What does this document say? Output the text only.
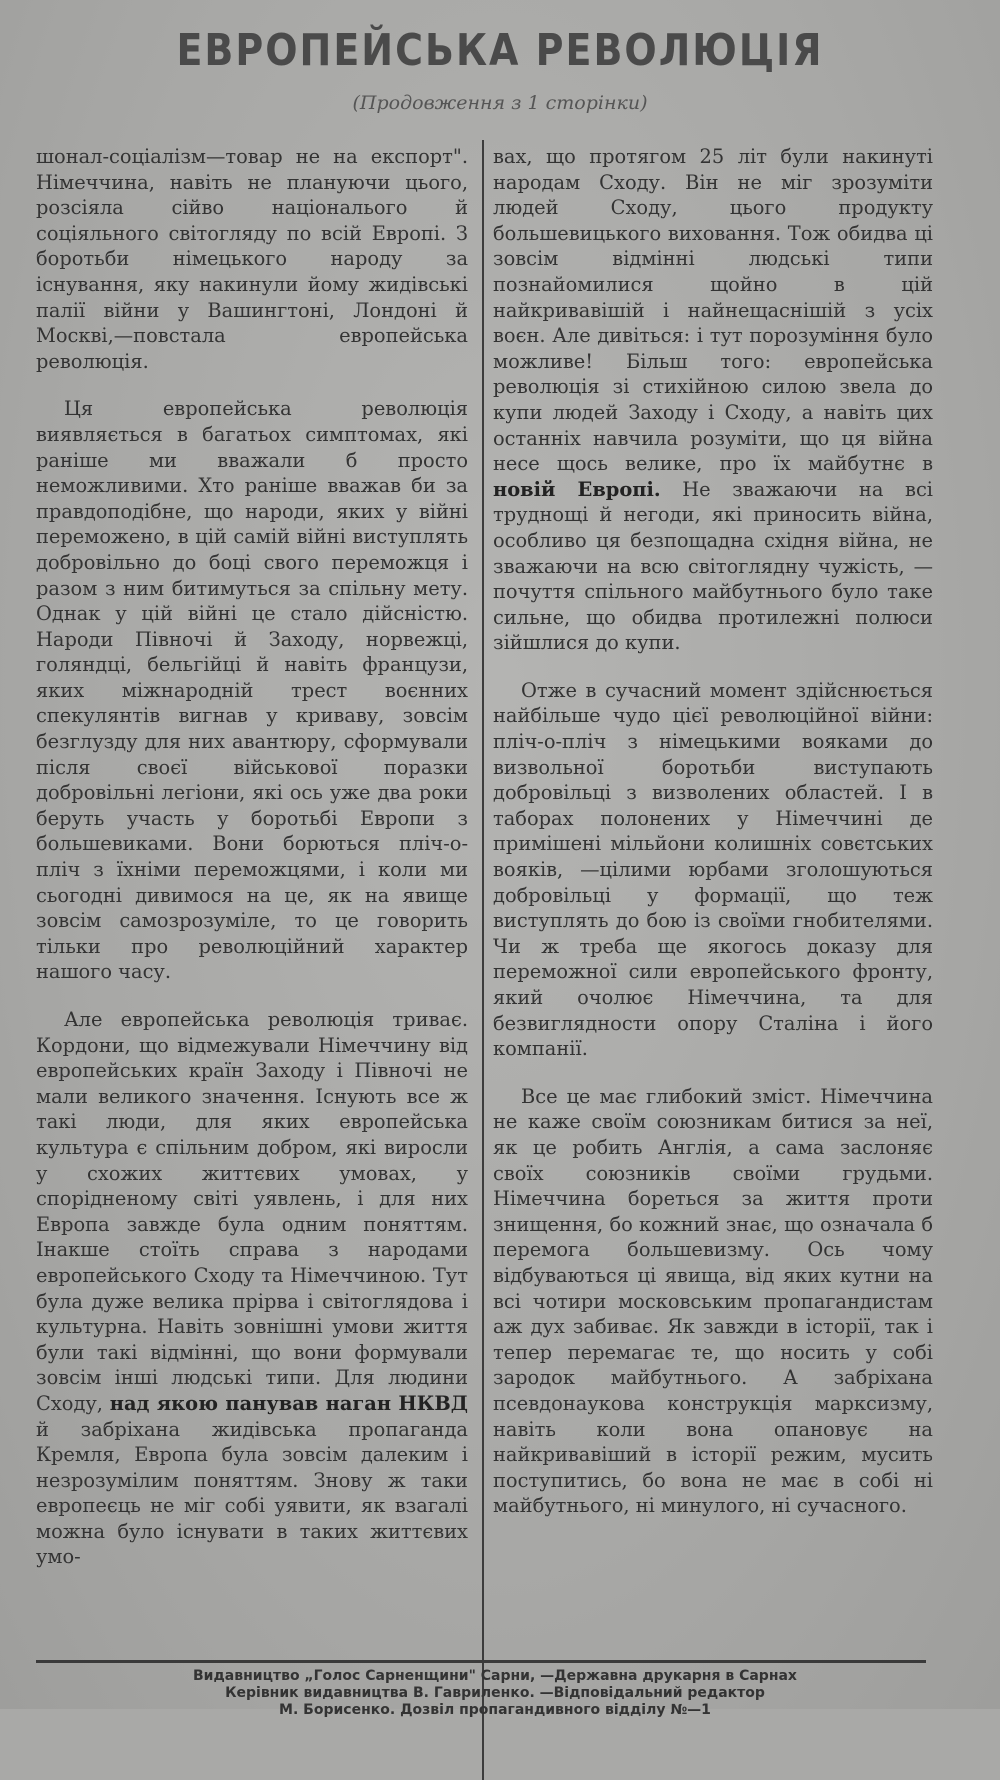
ЕВРОПЕЙСЬКА РЕВОЛЮЦІЯ
(Продовження з 1 сторінки)

шонал-соціалізм—товар не на експорт". Німеччина, навіть не плануючи цього, розсіяла сійво національого й соціяльного світогляду по всій Европі. З боротьби німецького народу за існування, яку накинули йому жидівські палії війни у Вашингтоні, Лондоні й Москві,—повстала европейська революція.

Ця европейська революція виявляється в багатьох симптомах, які раніше ми вважали б просто неможливими. Хто раніше вважав би за правдоподібне, що народи, яких у війні переможено, в цій самій війні виступлять добровільно до боці свого переможця і разом з ним битимуться за спільну мету. Однак у цій війні це стало дійсністю. Народи Півночі й Заходу, норвежці, голяндці, бельгійці й навіть французи, яких міжнародній трест воєнних спекулянтів вигнав у криваву, зовсім безглузду для них авантюру, сформували після своєї військової поразки добровільні легіони, які ось уже два роки беруть участь у боротьбі Европи з большевиками. Вони борються пліч-о-пліч з їхніми переможцями, і коли ми сьогодні дивимося на це, як на явище зовсім самозрозуміле, то це говорить тільки про революційний характер нашого часу.

Але европейська революція триває. Кордони, що відмежували Німеччину від европейських країн Заходу і Півночі не мали великого значення. Існують все ж такі люди, для яких европейська культура є спільним добром, які виросли у схожих життєвих умовах, у спорідненому світі уявлень, і для них Европа завжде була одним поняттям. Інакше стоїть справа з народами европейського Сходу та Німеччиною. Тут була дуже велика прірва і світоглядова і культурна. Навіть зовнішні умови життя були такі відмінні, що вони формували зовсім інші людські типи. Для людини Сходу, над якою панував наган НКВД й забріхана жидівська пропаганда Кремля, Европа була зовсім далеким і незрозумілим поняттям. Знову ж таки европеєць не міг собі уявити, як взагалі можна було існувати в таких життєвих умо-

вах, що протягом 25 літ були накинуті народам Сходу. Він не міг зрозуміти людей Сходу, цього продукту большевицького виховання. Тож обидва ці зовсім відмінні людські типи познайомилися щойно в цій найкривавішій і найнещаснішій з усіх воєн. Але дивіться: і тут порозуміння було можливе! Більш того: европейська революція зі стихійною силою звела до купи людей Заходу і Сходу, а навіть цих останніх навчила розуміти, що ця війна несе щось велике, про їх майбутнє в новій Европі. Не зважаючи на всі труднощі й негоди, які приносить війна, особливо ця безпощадна східня війна, не зважаючи на всю світоглядну чужість, — почуття спільного майбутнього було таке сильне, що обидва протилежні полюси зійшлися до купи.

Отже в сучасний момент здійснюється найбільше чудо цієї революційної війни: пліч-о-пліч з німецькими вояками до визвольної боротьби виступають добровільці з визволених областей. І в таборах полонених у Німеччині де примішені мільйони колишніх совєтських вояків, —цілими юрбами зголошуються добровільці у формації, що теж виступлять до бою із своїми гнобителями. Чи ж треба ще якогось доказу для переможної сили европейського фронту, який очолює Німеччина, та для безвиглядности опору Сталіна і його компанії.

Все це має глибокий зміст. Німеччина не каже своїм союзникам битися за неї, як це робить Англія, а сама заслоняє своїх союзників своїми грудьми. Німеччина бореться за життя проти знищення, бо кожний знає, що означала б перемога большевизму. Ось чому відбуваються ці явища, від яких кутни на всі чотири московським пропагандистам аж дух забиває. Як завжди в історії, так і тепер перемагає те, що носить у собі зародок майбутнього. А забріхана псевдонаукова конструкція марксизму, навіть коли вона опановує на найкривавіший в історії режим, мусить поступитись, бо вона не має в собі ні майбутнього, ні минулого, ні сучасного.

Видавництво „Голос Сарненщини" Сарни, —Державна друкарня в Сарнах
Керівник видавництва В. Гавриленко. —Відповідальний редактор
М. Борисенко. Дозвіл пропагандивного відділу №—1
